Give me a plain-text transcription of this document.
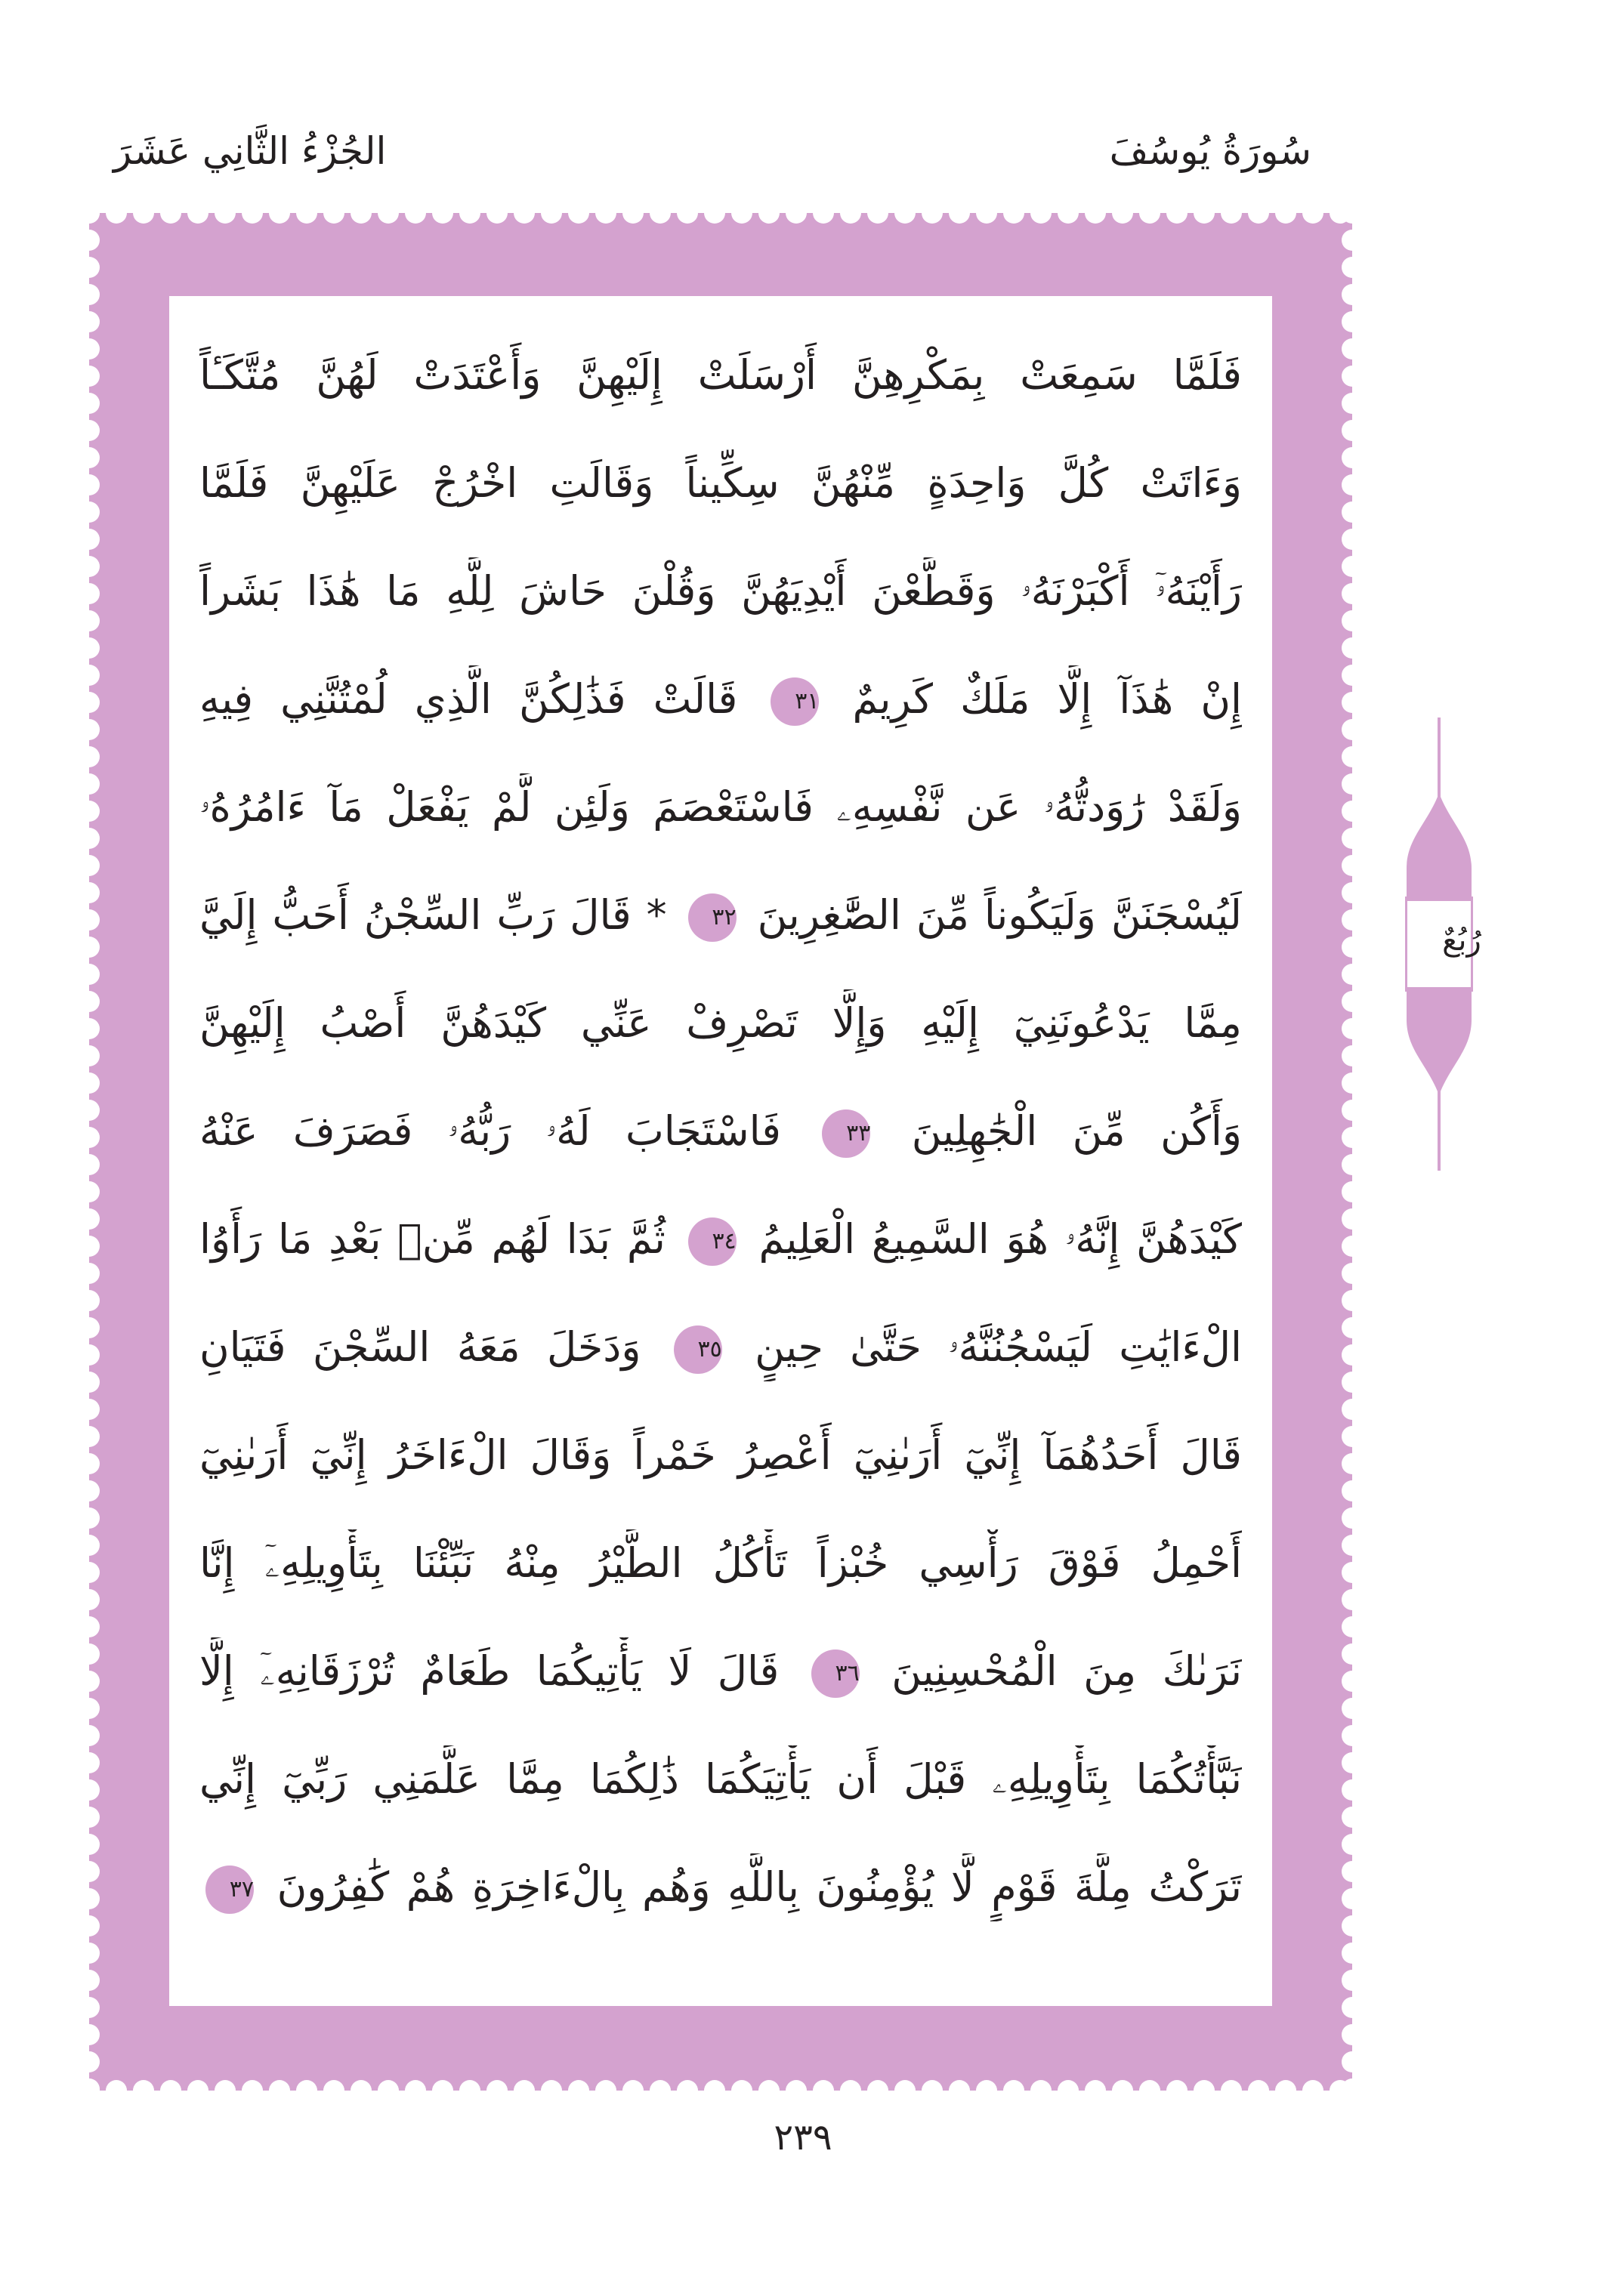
سُورَةُ يُوسُفَ
الجُزْءُ الثَّانِي عَشَرَ
فَلَمَّا سَمِعَتْ بِمَكْرِهِنَّ أَرْسَلَتْ إِلَيْهِنَّ وَأَعْتَدَتْ لَهُنَّ مُتَّكَـٔاً
وَءَاتَتْ كُلَّ وَاحِدَةٍ مِّنْهُنَّ سِكِّيناً وَقَالَتِ اخْرُجْ عَلَيْهِنَّ فَلَمَّا
رَأَيْنَهُۥٓ أَكْبَرْنَهُۥ وَقَطَّعْنَ أَيْدِيَهُنَّ وَقُلْنَ حَاشَ لِلَّهِ مَا هَٰذَا بَشَراً
إِنْ هَٰذَآ إِلَّا مَلَكٌ كَرِيمٌ ٣١ قَالَتْ فَذَٰلِكُنَّ الَّذِي لُمْتُنَّنِي فِيهِ
وَلَقَدْ رَٰوَدتُّهُۥ عَن نَّفْسِهِۦ فَاسْتَعْصَمَ وَلَئِن لَّمْ يَفْعَلْ مَآ ءَامُرُهُۥ
لَيُسْجَنَنَّ وَلَيَكُوناً مِّنَ الصَّٰغِرِينَ ٣٢ * قَالَ رَبِّ السِّجْنُ أَحَبُّ إِلَيَّ
مِمَّا يَدْعُونَنِيٓ إِلَيْهِ وَإِلَّا تَصْرِفْ عَنِّي كَيْدَهُنَّ أَصْبُ إِلَيْهِنَّ
وَأَكُن مِّنَ الْجَٰهِلِينَ ٣٣ فَاسْتَجَابَ لَهُۥ رَبُّهُۥ فَصَرَفَ عَنْهُ
كَيْدَهُنَّ إِنَّهُۥ هُوَ السَّمِيعُ الْعَلِيمُ ٣٤ ثُمَّ بَدَا لَهُم مِّنۢ بَعْدِ مَا رَأَوُا
الْءَايَٰتِ لَيَسْجُنُنَّهُۥ حَتَّىٰ حِينٍ ٣٥ وَدَخَلَ مَعَهُ السِّجْنَ فَتَيَانِ
قَالَ أَحَدُهُمَآ إِنِّيٓ أَرَىٰنِيٓ أَعْصِرُ خَمْراً وَقَالَ الْءَاخَرُ إِنِّيٓ أَرَىٰنِيٓ
أَحْمِلُ فَوْقَ رَأْسِي خُبْزاً تَأْكُلُ الطَّيْرُ مِنْهُ نَبِّئْنَا بِتَأْوِيلِهِۦٓ إِنَّا
نَرَىٰكَ مِنَ الْمُحْسِنِينَ ٣٦ قَالَ لَا يَأْتِيكُمَا طَعَامٌ تُرْزَقَانِهِۦٓ إِلَّا
نَبَّأْتُكُمَا بِتَأْوِيلِهِۦ قَبْلَ أَن يَأْتِيَكُمَا ذَٰلِكُمَا مِمَّا عَلَّمَنِي رَبِّيٓ إِنِّي
تَرَكْتُ مِلَّةَ قَوْمٍ لَّا يُؤْمِنُونَ بِاللَّهِ وَهُم بِالْءَاخِرَةِ هُمْ كَٰفِرُونَ ٣٧
رُبُعٌ
٢٣٩
